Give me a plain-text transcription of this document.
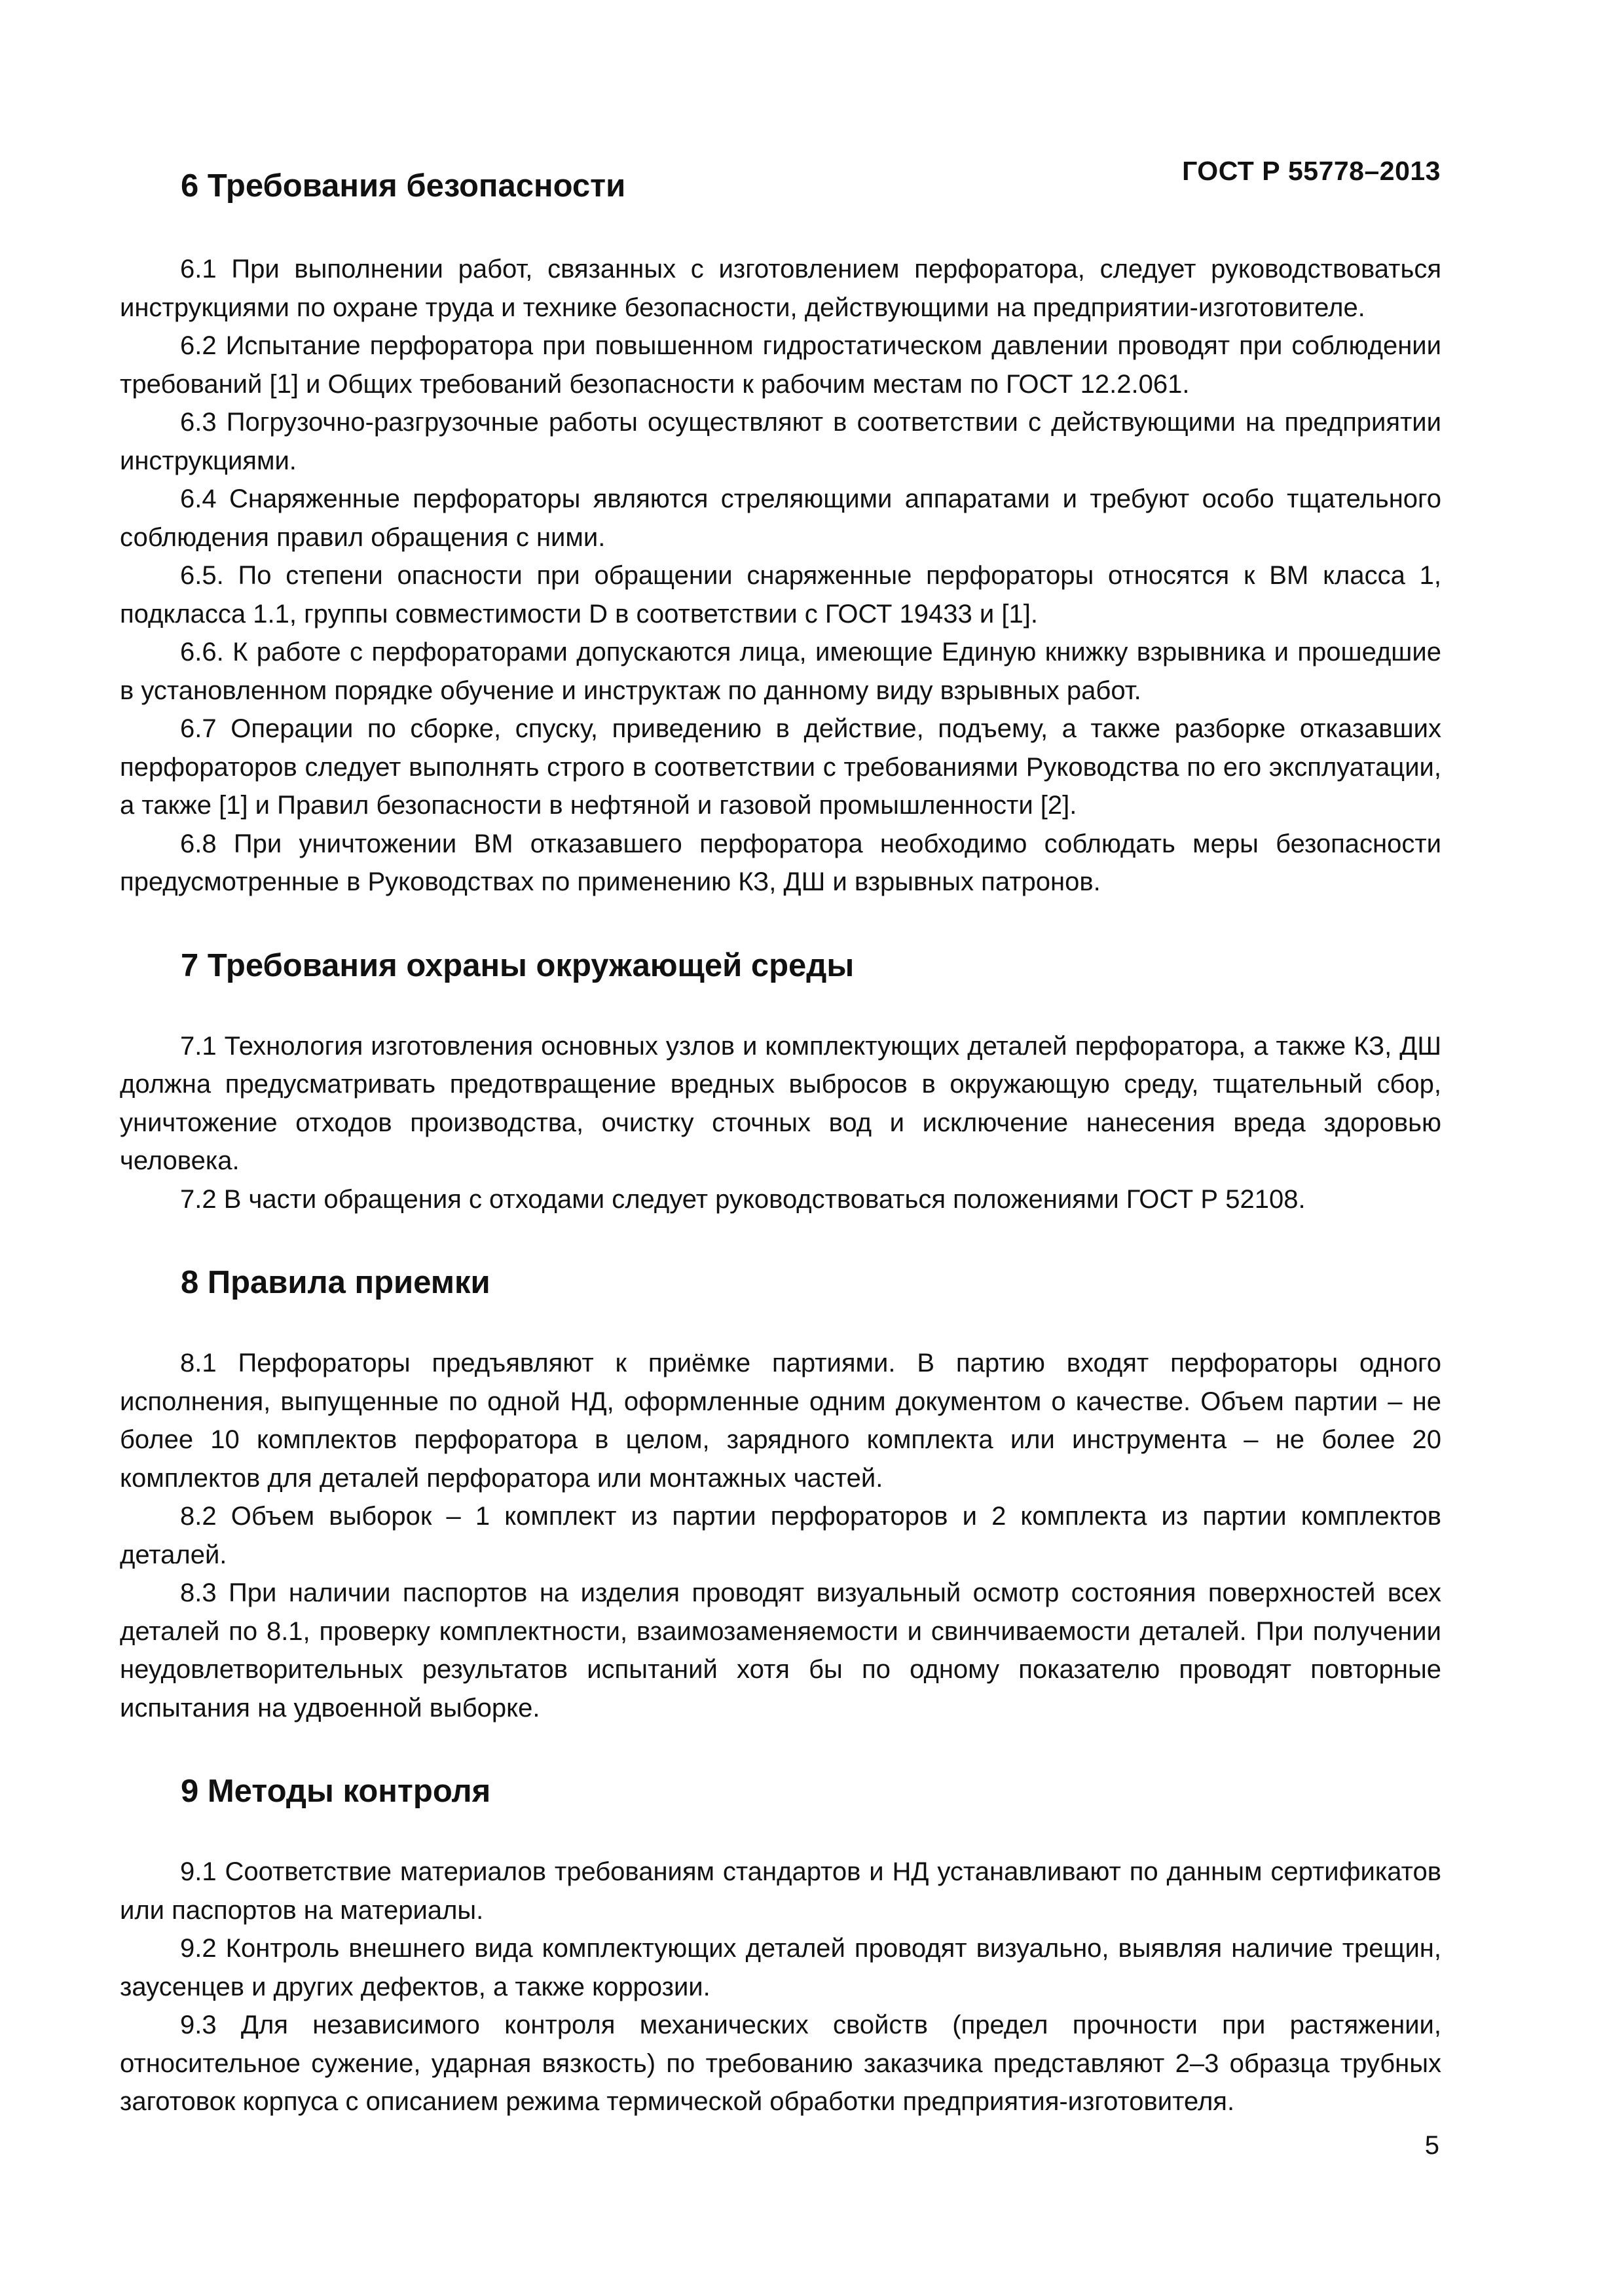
ГОСТ Р 55778–2013
6 Требования безопасности

6.1 При выполнении работ, связанных с изготовлением перфоратора, следует руководствоваться инструкциями по охране труда и технике безопасности, действующими на предприятии-изготовителе.

6.2 Испытание перфоратора при повышенном гидростатическом давлении проводят при соблюдении требований [1] и Общих требований безопасности к рабочим местам по ГОСТ 12.2.061.

6.3 Погрузочно-разгрузочные работы осуществляют в соответствии с действующими на предприятии инструкциями.

6.4 Снаряженные перфораторы являются стреляющими аппаратами и требуют особо тщательного соблюдения правил обращения с ними.

6.5. По степени опасности при обращении снаряженные перфораторы относятся к ВМ класса 1, подкласса 1.1, группы совместимости D в соответствии с ГОСТ 19433 и [1].

6.6. К работе с перфораторами допускаются лица, имеющие Единую книжку взрывника и прошедшие в установленном порядке обучение и инструктаж по данному виду взрывных работ.

6.7 Операции по сборке, спуску, приведению в действие, подъему, а также разборке отказавших перфораторов следует выполнять строго в соответствии с требованиями Руководства по его эксплуатации, а также [1] и Правил безопасности в нефтяной и газовой промышленности [2].

6.8 При уничтожении ВМ отказавшего перфоратора необходимо соблюдать меры безопасности предусмотренные в Руководствах по применению КЗ, ДШ и взрывных патронов.

7 Требования охраны окружающей среды

7.1 Технология изготовления основных узлов и комплектующих деталей перфоратора, а также КЗ, ДШ должна предусматривать предотвращение вредных выбросов в окружающую среду, тщательный сбор, уничтожение отходов производства, очистку сточных вод и исключение нанесения вреда здоровью человека.

7.2 В части обращения с отходами следует руководствоваться положениями ГОСТ Р 52108.

8 Правила приемки

8.1 Перфораторы предъявляют к приёмке партиями. В партию входят перфораторы одного исполнения, выпущенные по одной НД, оформленные одним документом о качестве. Объем партии – не более 10 комплектов перфоратора в целом, зарядного комплекта или инструмента – не более 20 комплектов для деталей перфоратора или монтажных частей.

8.2 Объем выборок – 1 комплект из партии перфораторов и 2 комплекта из партии комплектов деталей.

8.3 При наличии паспортов на изделия проводят визуальный осмотр состояния поверхностей всех деталей по 8.1, проверку комплектности, взаимозаменяемости и свинчиваемости деталей. При получении неудовлетворительных результатов испытаний хотя бы по одному показателю проводят повторные испытания на удвоенной выборке.

9 Методы контроля

9.1 Соответствие материалов требованиям стандартов и НД устанавливают по данным сертификатов или паспортов на материалы.

9.2 Контроль внешнего вида комплектующих деталей проводят визуально, выявляя наличие трещин, заусенцев и других дефектов, а также коррозии.

9.3 Для независимого контроля механических свойств (предел прочности при растяжении, относительное сужение, ударная вязкость) по требованию заказчика представляют 2–3 образца трубных заготовок корпуса с описанием режима термической обработки предприятия-изготовителя.

5
